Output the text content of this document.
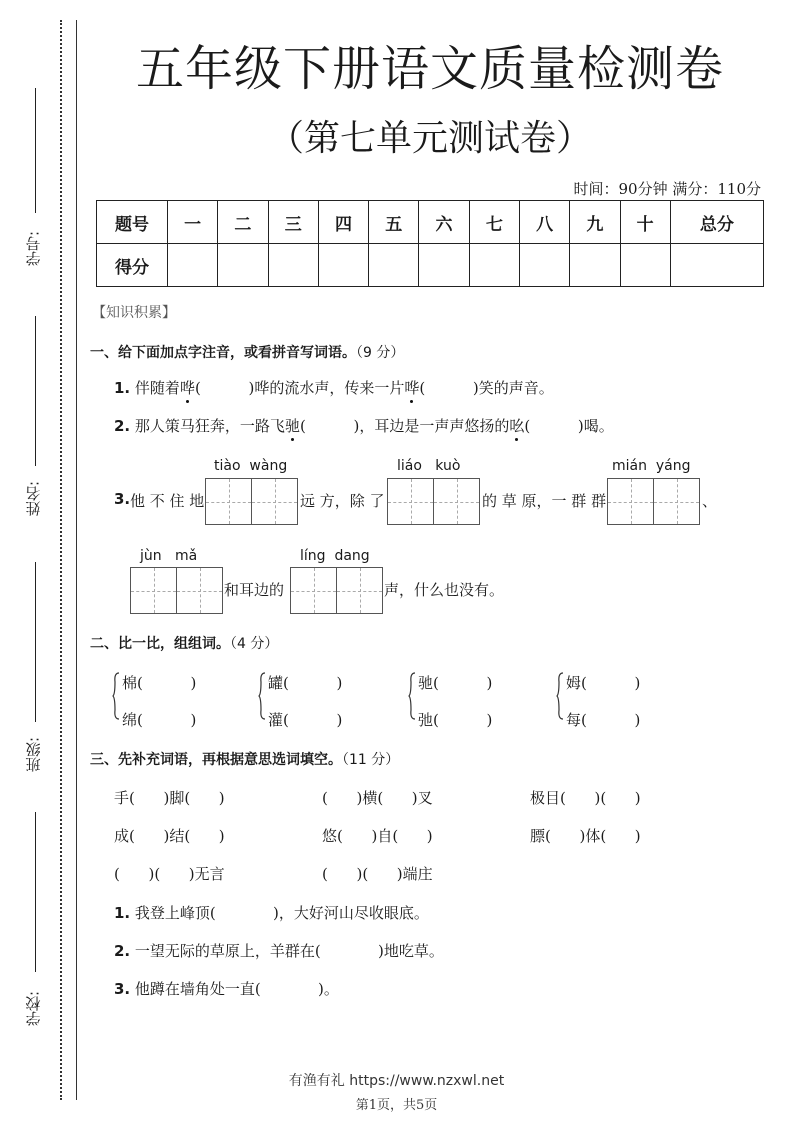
学号:
姓名:
班级:
学校:
五年级下册语文质量检测卷
（第七单元测试卷）
时间：90分钟 满分：110分
题号	一	二	三	四	五	六	七	八	九	十	总分
得分											
【知识积累】
一、给下面加点字注音，或看拼音写词语。（9 分）
1. 伴随着哗(          )哗的流水声，传来一片哗(          )笑的声音。
2. 那人策马狂奔，一路飞驰(          )，耳边是一声声悠扬的吆(          )喝。
3. 他 不 住 地
tiào  wàng
远 方，除 了
liáo   kuò
的 草 原，一 群 群
mián  yáng
、
jùn   mǎ
和耳边的
líng  dang
声，什么也没有。
二、比一比，组组词。（4 分）
棉(          )
绵(          )
罐(          )
灌(          )
驰(          )
弛(          )
姆(          )
每(          )
三、先补充词语，再根据意思选词填空。（11 分）
手(      )脚(      )	(      )横(      )叉	极目(      )(      )
成(      )结(      )	悠(      )自(      )	膘(      )体(      )
(      )(      )无言	(      )(      )端庄
1. 我登上峰顶(            )，大好河山尽收眼底。
2. 一望无际的草原上，羊群在(            )地吃草。
3. 他蹲在墙角处一直(            )。
有渔有礼 https://www.nzxwl.net
第1页，共5页
